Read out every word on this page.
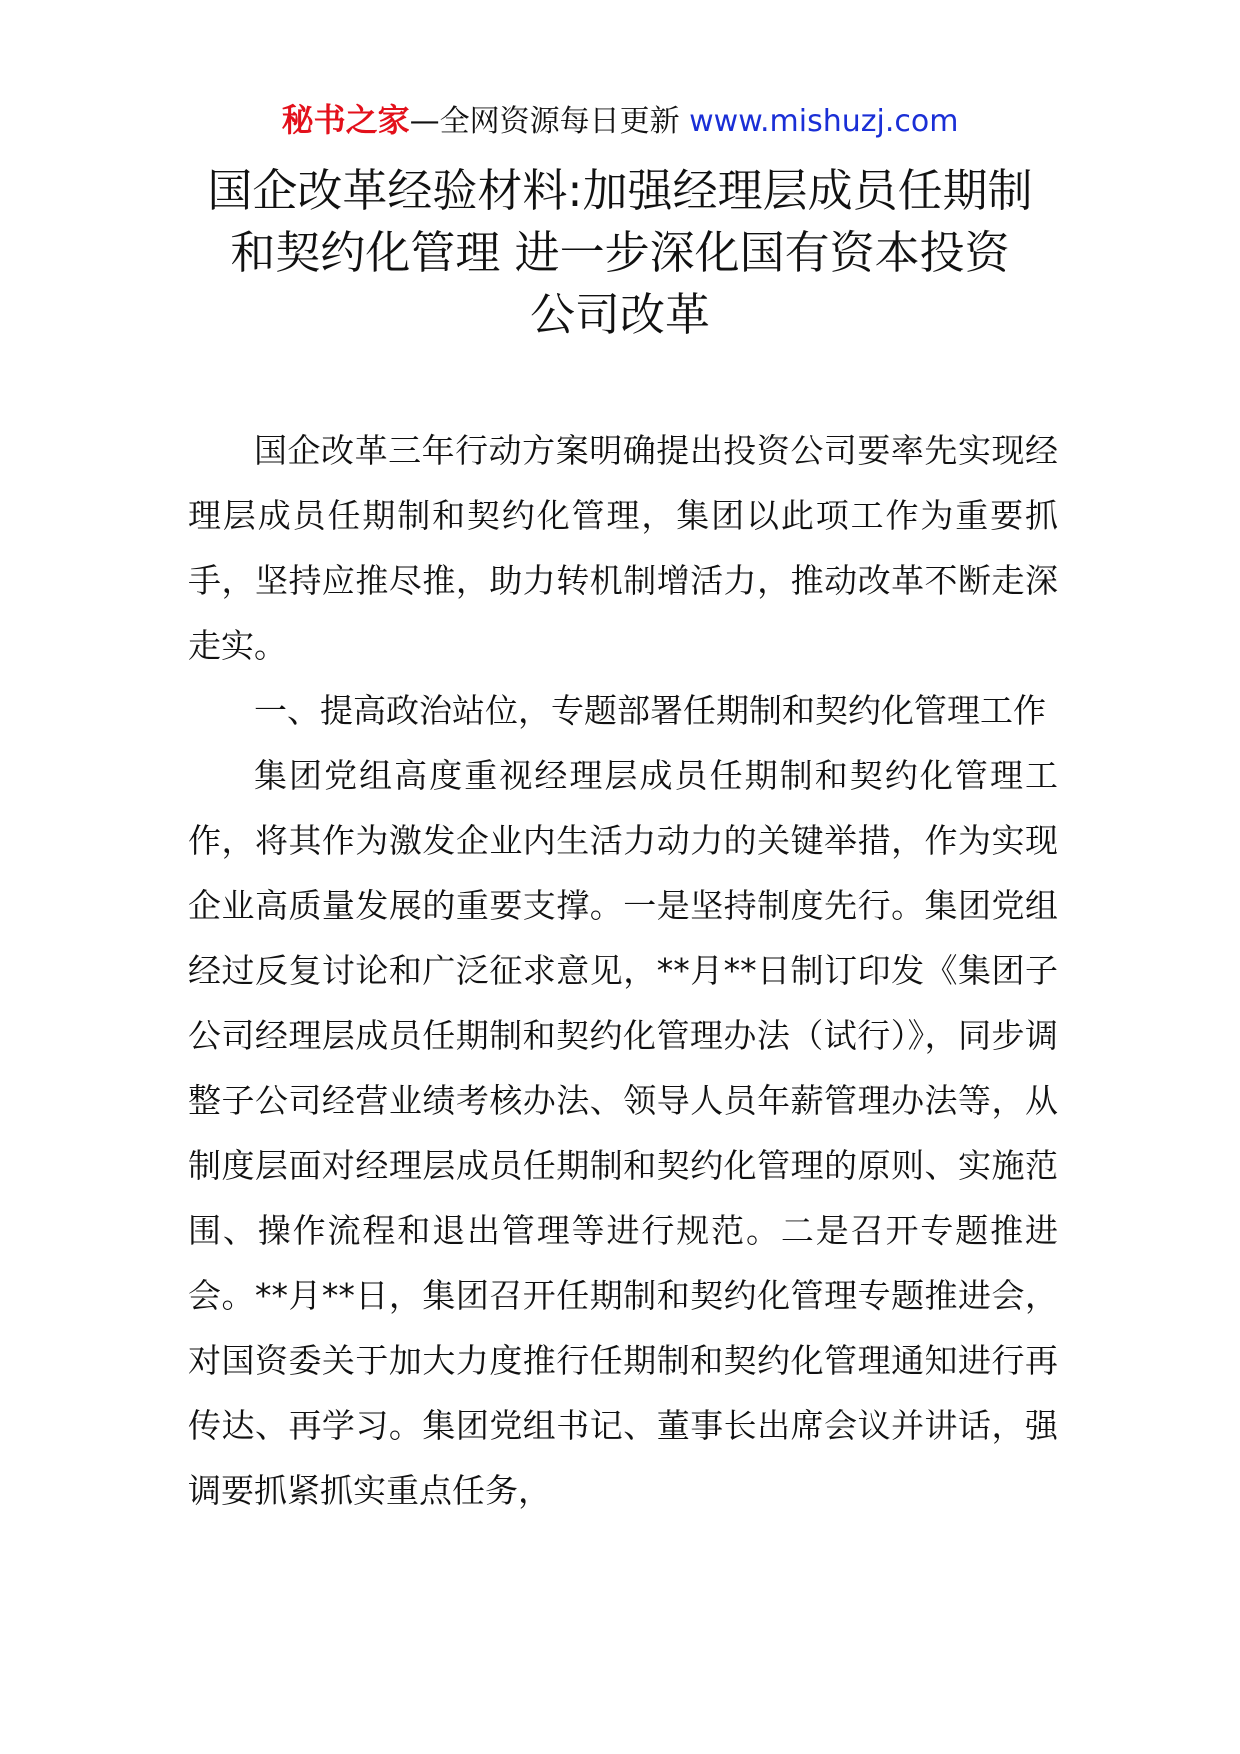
秘书之家—全网资源每日更新 www.mishuzj.com
国企改革经验材料:加强经理层成员任期制
和契约化管理 进一步深化国有资本投资
公司改革

国企改革三年行动方案明确提出投资公司要率先实现经理层成员任期制和契约化管理，集团以此项工作为重要抓手，坚持应推尽推，助力转机制增活力，推动改革不断走深走实。

一、提高政治站位，专题部署任期制和契约化管理工作

集团党组高度重视经理层成员任期制和契约化管理工作，将其作为激发企业内生活力动力的关键举措，作为实现企业高质量发展的重要支撑。一是坚持制度先行。集团党组经过反复讨论和广泛征求意见，**月**日制订印发《集团子公司经理层成员任期制和契约化管理办法（试行）》，同步调整子公司经营业绩考核办法、领导人员年薪管理办法等，从制度层面对经理层成员任期制和契约化管理的原则、实施范围、操作流程和退出管理等进行规范。二是召开专题推进会。**月**日，集团召开任期制和契约化管理专题推进会，对国资委关于加大力度推行任期制和契约化管理通知进行再传达、再学习。集团党组书记、董事长出席会议并讲话，强调要抓紧抓实重点任务，
